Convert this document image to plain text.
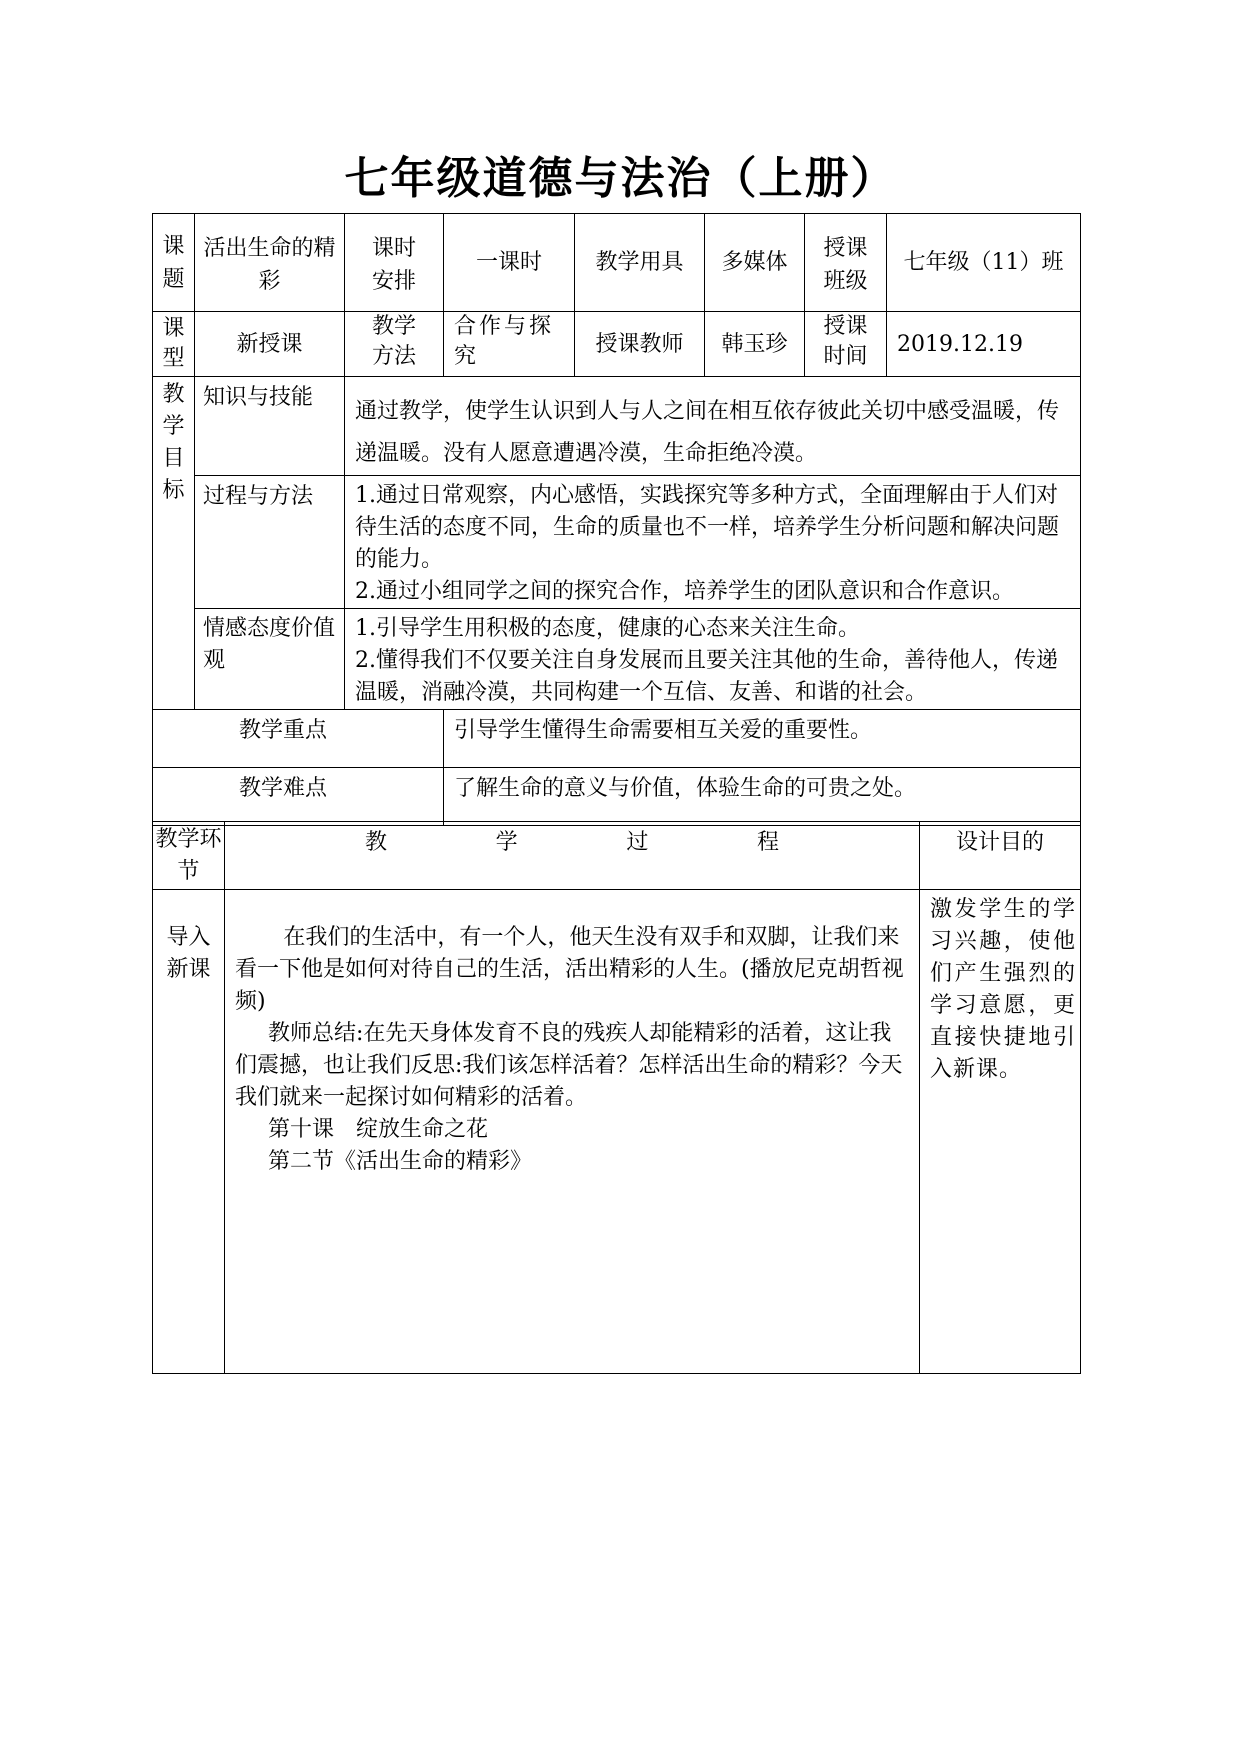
七年级道德与法治（上册）
课题	活出生命的精彩	课时安排	一课时	教学用具	多媒体	授课班级	七年级（11）班

课型	新授课	教学方法	合作与探究	授课教师	韩玉珍	授课时间	2019.12.19

教学目标	知识与技能	通过教学，使学生认识到人与人之间在相互依存彼此关切中感受温暖，传递温暖。没有人愿意遭遇冷漠，生命拒绝冷漠。					
	过程与方法	1.通过日常观察，内心感悟，实践探究等多种方式，全面理解由于人们对待生活的态度不同，生命的质量也不一样，培养学生分析问题和解决问题的能力。
2.通过小组同学之间的探究合作，培养学生的团队意识和合作意识。					

	情感态度价值观	1.引导学生用积极的态度，健康的心态来关注生命。
2.懂得我们不仅要关注自身发展而且要关注其他的生命，善待他人，传递温暖，消融冷漠，共同构建一个互信、友善、和谐的社会。					

教学重点			引导学生懂得生命需要相互关爱的重要性。				
教学难点			了解生命的意义与价值，体验生命的可贵之处。				
教学环节	教 学 过 程	设计目的
导入新课	在我们的生活中，有一个人，他天生没有双手和双脚，让我们来看一下他是如何对待自己的生活，活出精彩的人生。(播放尼克胡哲视频)

教师总结:在先天身体发育不良的残疾人却能精彩的活着，这让我们震撼，也让我们反思:我们该怎样活着？怎样活出生命的精彩？今天我们就来一起探讨如何精彩的活着。

第十课　绽放生命之花

第二节《活出生命的精彩》	激发学生的学习兴趣，使他们产生强烈的学习意愿，更直接快捷地引入新课。
